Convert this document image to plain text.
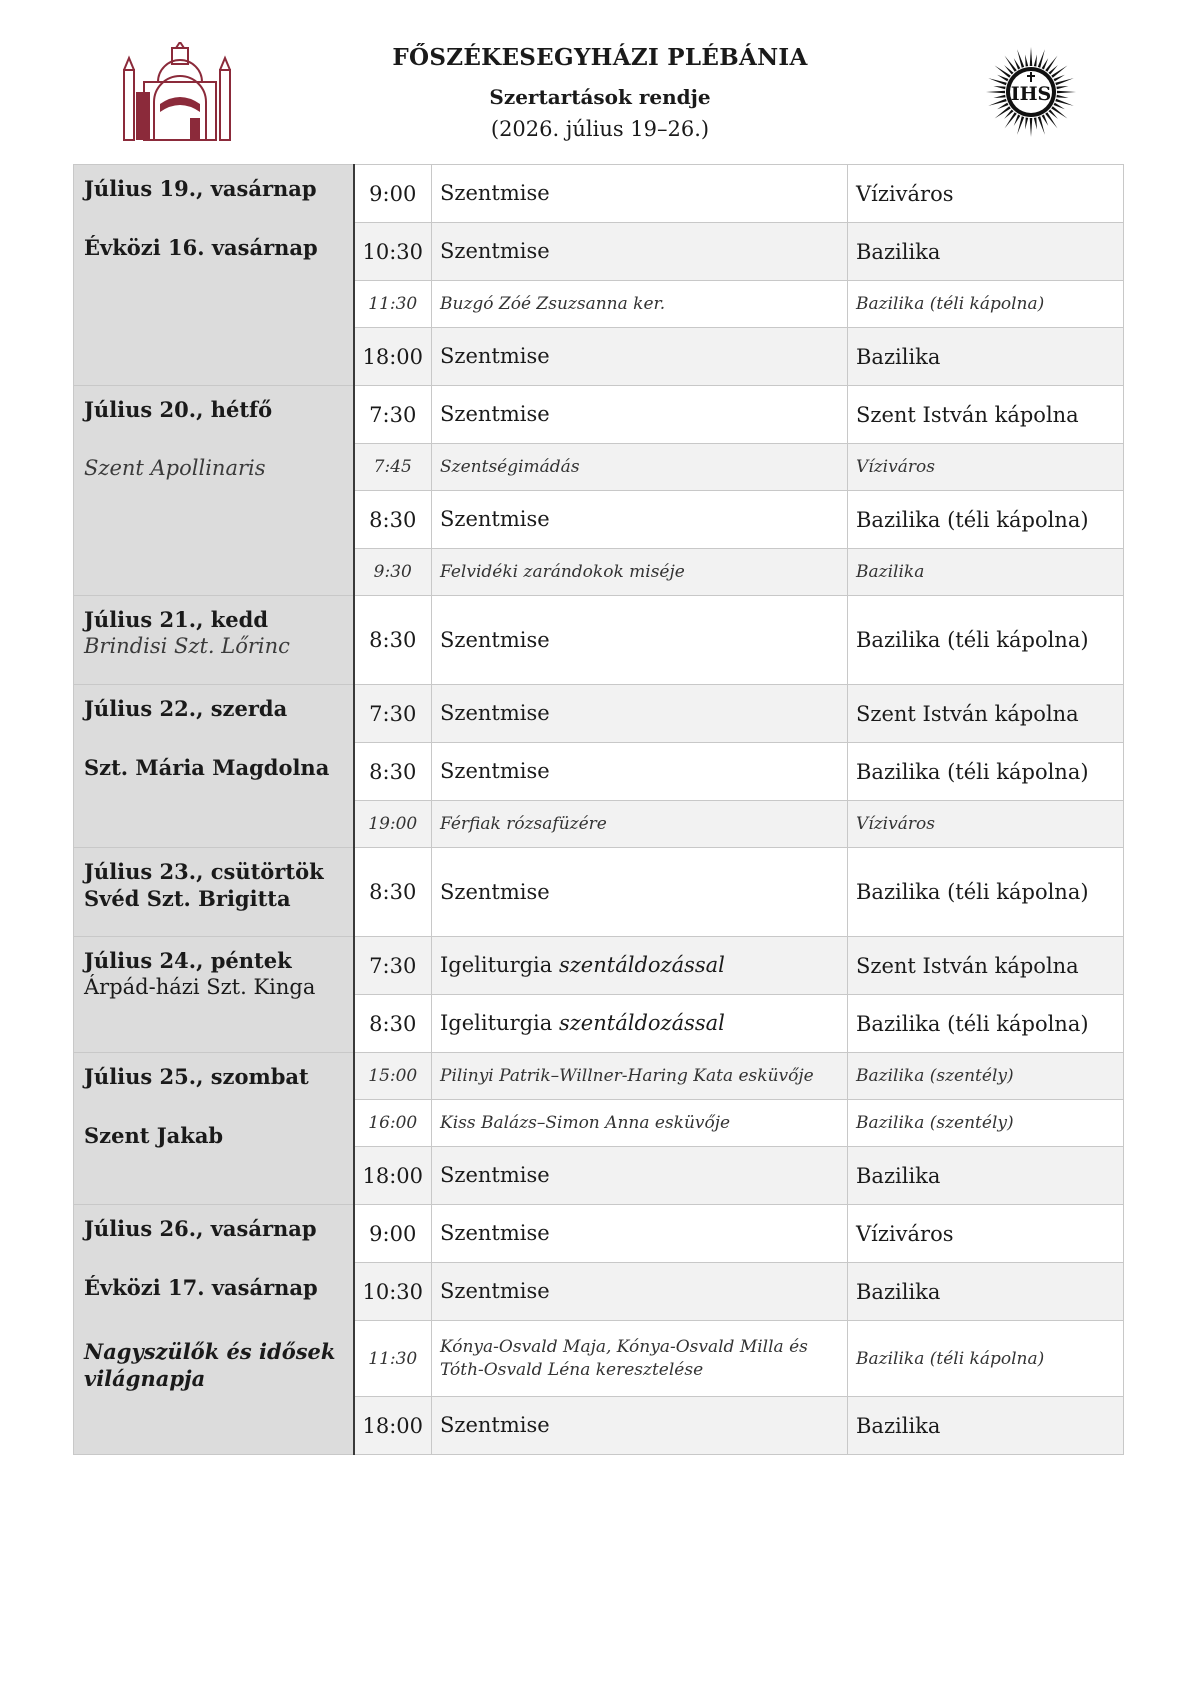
FŐSZÉKESEGYHÁZI PLÉBÁNIA
Szertartások rendje
(2026. július 19–26.)
IHS
Július 19., vasárnap
Évközi 16. vasárnap	9:00	Szentmise	Víziváros
	10:30	Szentmise	Bazilika
	11:30	Buzgó Zóé Zsuzsanna ker.	Bazilika (téli kápolna)
	18:00	Szentmise	Bazilika

Július 20., hétfő
Szent Apollinaris	7:30	Szentmise	Szent István kápolna
	7:45	Szentségimádás	Víziváros
	8:30	Szentmise	Bazilika (téli kápolna)
	9:30	Felvidéki zarándokok miséje	Bazilika

Július 21., kedd
Brindisi Szt. Lőrinc	8:30	Szentmise	Bazilika (téli kápolna)

Július 22., szerda
Szt. Mária Magdolna	7:30	Szentmise	Szent István kápolna
	8:30	Szentmise	Bazilika (téli kápolna)
	19:00	Férfiak rózsafüzére	Víziváros

Július 23., csütörtök
Svéd Szt. Brigitta	8:30	Szentmise	Bazilika (téli kápolna)

Július 24., péntek
Árpád-házi Szt. Kinga	7:30	Igeliturgia szentáldozással	Szent István kápolna
	8:30	Igeliturgia szentáldozással	Bazilika (téli kápolna)

Július 25., szombat
Szent Jakab	15:00	Pilinyi Patrik–Willner-Haring Kata esküvője	Bazilika (szentély)
	16:00	Kiss Balázs–Simon Anna esküvője	Bazilika (szentély)
	18:00	Szentmise	Bazilika

Július 26., vasárnap
Évközi 17. vasárnap
Nagyszülők és idősek világnapja	9:00	Szentmise	Víziváros
	10:30	Szentmise	Bazilika
	11:30	Kónya-Osvald Maja, Kónya-Osvald Milla és Tóth-Osvald Léna keresztelése	Bazilika (téli kápolna)
	18:00	Szentmise	Bazilika
